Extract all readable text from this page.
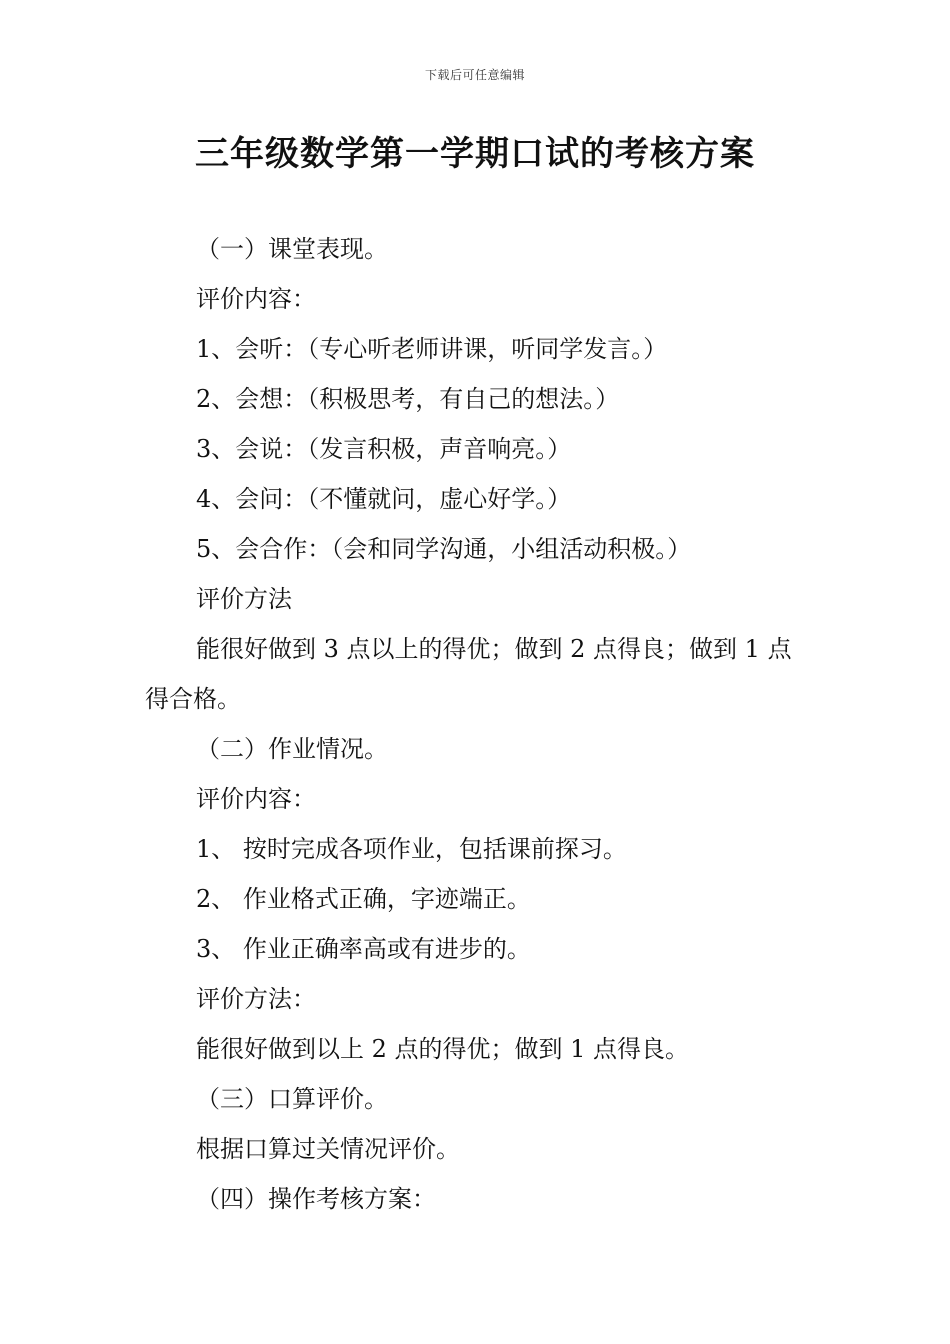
下载后可任意编辑
三年级数学第一学期口试的考核方案

（一）课堂表现。

评价内容：

1、会听：（专心听老师讲课，听同学发言。）

2、会想：（积极思考，有自己的想法。）

3、会说：（发言积极，声音响亮。）

4、会问：（不懂就问，虚心好学。）

5、会合作：（会和同学沟通，小组活动积极。）

评价方法

能很好做到 3 点以上的得优；做到 2 点得良；做到 1 点得合格。

（二）作业情况。

评价内容：

1、 按时完成各项作业，包括课前探习。

2、 作业格式正确，字迹端正。

3、 作业正确率高或有进步的。

评价方法：

能很好做到以上 2 点的得优；做到 1 点得良。

（三）口算评价。

根据口算过关情况评价。

（四）操作考核方案：
